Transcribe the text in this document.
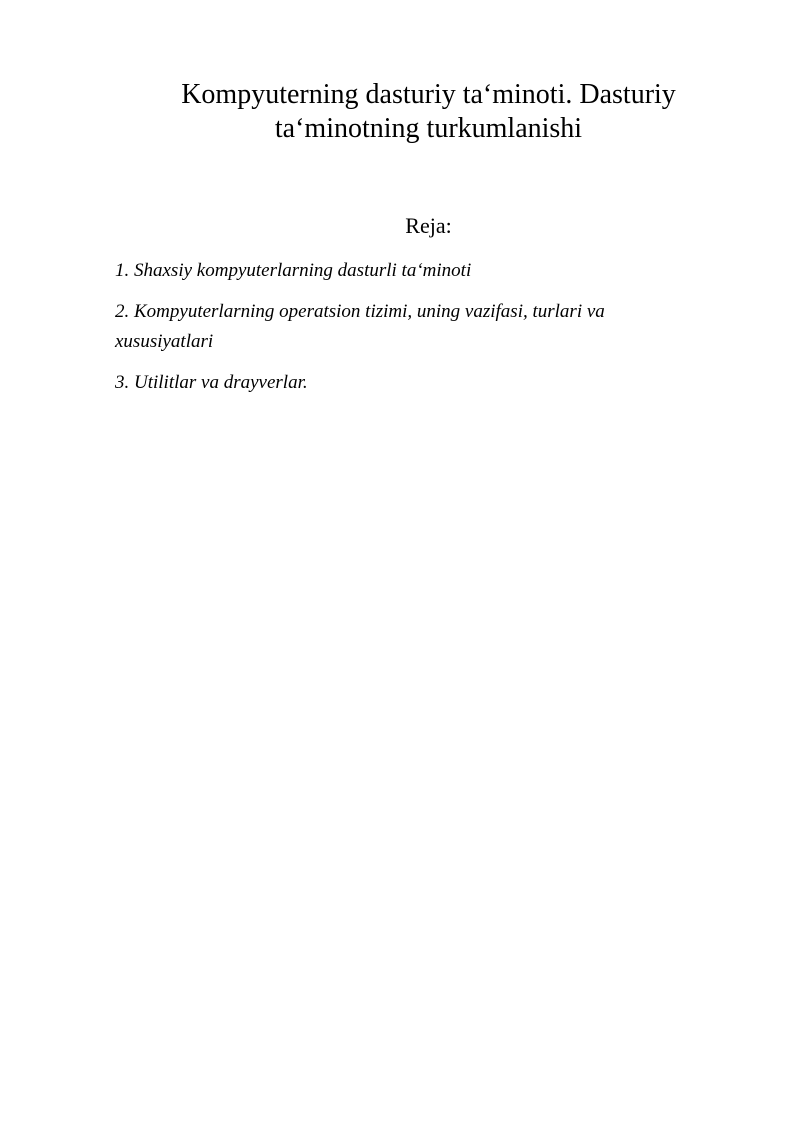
Kompyuterning dasturiy ta‘minoti. Dasturiy ta‘minotning turkumlanishi
Reja:
1. Shaxsiy kompyuterlarning dasturli ta‘minoti
2. Kompyuterlarning operatsion tizimi, uning vazifasi, turlari va xususiyatlari
3. Utilitlar va drayverlar.
